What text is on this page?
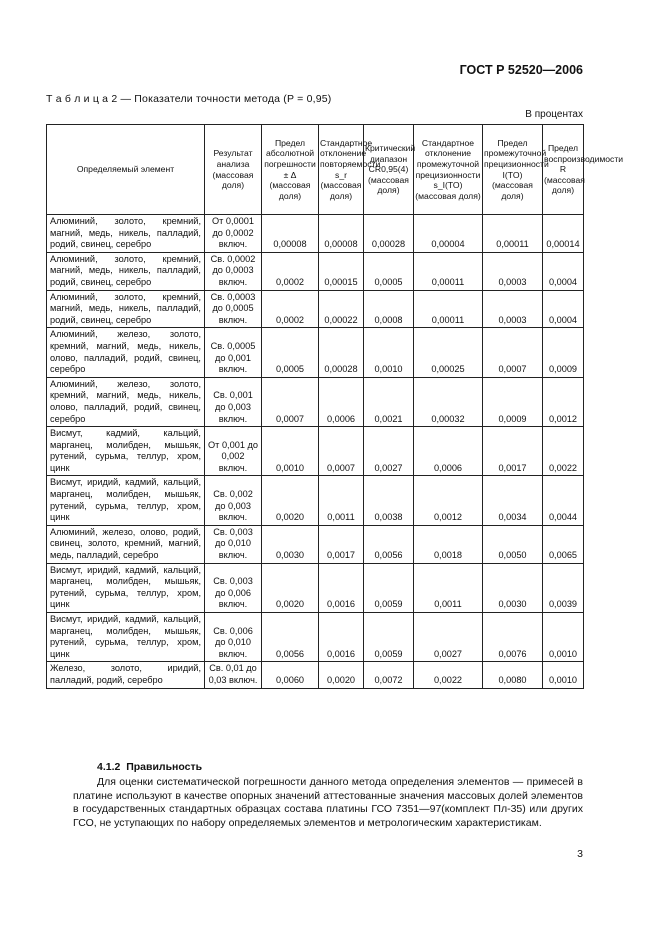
ГОСТ Р 52520—2006
Т а б л и ц а 2 — Показатели точности метода (P = 0,95)
В процентах
Определяемый элемент	Результат анализа (массовая доля)	Предел абсолютной погрешности ± Δ (массовая доля)	Стандартное отклонение повторяемости s_r (массовая доля)	Критический диапазон CR0,95(4) (массовая доля)	Стандартное отклонение промежуточной прецизионности s_I(TO) (массовая доля)	Предел промежуточной прецизионности I(TO) (массовая доля)	Предел воспроизводимости R (массовая доля)
Алюминий, золото, кремний, магний, медь, никель, палладий, родий, свинец, серебро	От 0,0001 до 0,0002 включ.	0,00008	0,00008	0,00028	0,00004	0,00011	0,00014
Алюминий, золото, кремний, магний, медь, никель, палладий, родий, свинец, серебро	Св. 0,0002 до 0,0003 включ.	0,0002	0,00015	0,0005	0,00011	0,0003	0,0004
Алюминий, золото, кремний, магний, медь, никель, палладий, родий, свинец, серебро	Св. 0,0003 до 0,0005 включ.	0,0002	0,00022	0,0008	0,00011	0,0003	0,0004
Алюминий, железо, золото, кремний, магний, медь, никель, олово, палладий, родий, свинец, серебро	Св. 0,0005 до 0,001 включ.	0,0005	0,00028	0,0010	0,00025	0,0007	0,0009
Алюминий, железо, золото, кремний, магний, медь, никель, олово, палладий, родий, свинец, серебро	Св. 0,001 до 0,003 включ.	0,0007	0,0006	0,0021	0,00032	0,0009	0,0012
Висмут, кадмий, кальций, марганец, молибден, мышьяк, рутений, сурьма, теллур, хром, цинк	От 0,001 до 0,002 включ.	0,0010	0,0007	0,0027	0,0006	0,0017	0,0022
Висмут, иридий, кадмий, кальций, марганец, молибден, мышьяк, рутений, сурьма, теллур, хром, цинк	Св. 0,002 до 0,003 включ.	0,0020	0,0011	0,0038	0,0012	0,0034	0,0044
Алюминий, железо, олово, родий, свинец, золото, кремний, магний, медь, палладий, серебро	Св. 0,003 до 0,010 включ.	0,0030	0,0017	0,0056	0,0018	0,0050	0,0065
Висмут, иридий, кадмий, кальций, марганец, молибден, мышьяк, рутений, сурьма, теллур, хром, цинк	Св. 0,003 до 0,006 включ.	0,0020	0,0016	0,0059	0,0011	0,0030	0,0039
Висмут, иридий, кадмий, кальций, марганец, молибден, мышьяк, рутений, сурьма, теллур, хром, цинк	Св. 0,006 до 0,010 включ.	0,0056	0,0016	0,0059	0,0027	0,0076	0,0010
Железо, золото, иридий, палладий, родий, серебро	Св. 0,01 до 0,03 включ.	0,0060	0,0020	0,0072	0,0022	0,0080	0,0010
4.1.2 Правильность

Для оценки систематической погрешности данного метода определения элементов — примесей в платине используют в качестве опорных значений аттестованные значения массовых долей элементов в государственных стандартных образцах состава платины ГСО 7351—97(комплект Пл-35) или других ГСО, не уступающих по набору определяемых элементов и метрологическим характеристикам.

3
